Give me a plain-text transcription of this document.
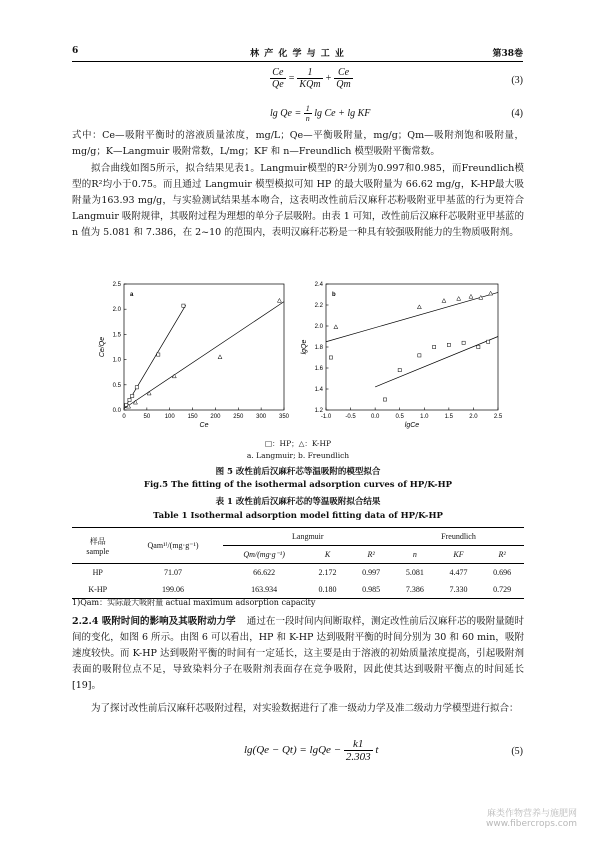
6	林 产 化 学 与 工 业	第38卷
$\frac{Ce}{Qe} = \frac{1}{\text{KQm}} + \frac{Ce}{Qm}$	(3)
$\lg Qe = \frac{1}{n}$ lg Ce + lg KF	(4)
式中：Ce—吸附平衡时的溶液质量浓度，mg/L；Qe—平衡吸附量，mg/g；Qm—吸附剂饱和吸附量，mg/g；K—Langmuir 吸附常数，L/mg；KF 和 n—Freundlich 模型吸附平衡常数。
拟合曲线如图5所示，拟合结果见表1。Langmuir模型的R²分别为0.997和0.985，而Freundlich模型的R²均小于0.75。而且通过 Langmuir 模型模拟可知 HP 的最大吸附量为 66.62 mg/g，K-HP最大吸附量为163.93 mg/g，与实验测试结果基本吻合，这表明改性前后汉麻秆芯粉吸附亚甲基蓝的行为更符合 Langmuir 吸附规律，其吸附过程为理想的单分子层吸附。由表 1 可知，改性前后汉麻秆芯吸附亚甲基蓝的 n 值为 5.081 和 7.386，在 2~10 的范围内，表明汉麻秆芯粉是一种具有较强吸附能力的生物质吸附剂。
0	50 100 150 200 250 300 350
0.0
0.5
1.0
1.5
2.0
2.5
Ce
Ce/Qe
a
-1.0 -0.5	0.0	0.5	1.0	1.5	2.0	2.5
1.2
1.4
1.6
1.8
2.0
2.2
2.4
lgCe
lgQe
b
□：HP；△：K-HP
a. Langmuir; b. Freundlich
图 5 改性前后汉麻秆芯等温吸附的模型拟合
Fig.5 The fitting of the isothermal adsorption curves of HP/K-HP
表 1 改性前后汉麻秆芯的等温吸附拟合结果
Table 1 Isothermal adsorption model fitting data of HP/K-HP
样品
sample	Qam¹⁾/(mg·g⁻¹)	Langmuir			Freundlich		
		Qm/(mg·g⁻¹)	K	R²	n	KF	R²
HP	71.07	66.622	2.172	0.997	5.081	4.477	0.696
K-HP	199.06	163.934	0.180	0.985	7.386	7.330	0.729
1)Qam：实际最大吸附量 actual maximum adsorption capacity
2.2.4 吸附时间的影响及其吸附动力学 通过在一段时间内间断取样，测定改性前后汉麻秆芯的吸附量随时间的变化，如图 6 所示。由图 6 可以看出，HP 和 K-HP 达到吸附平衡的时间分别为 30 和 60 min，吸附速度较快。而 K-HP 达到吸附平衡的时间有一定延长，这主要是由于溶液的初始质量浓度提高，引起吸附剂表面的吸附位点不足，导致染料分子在吸附剂表面存在竞争吸附，因此使其达到吸附平衡点的时间延长[19]。
为了探讨改性前后汉麻秆芯吸附过程，对实验数据进行了准一级动力学及准二级动力学模型进行拟合：
lg(Qe − Qt) = lgQe − $\frac{k1}{2.303}$ t	(5)
麻类作物营养与施肥网
www.fibercrops.com
